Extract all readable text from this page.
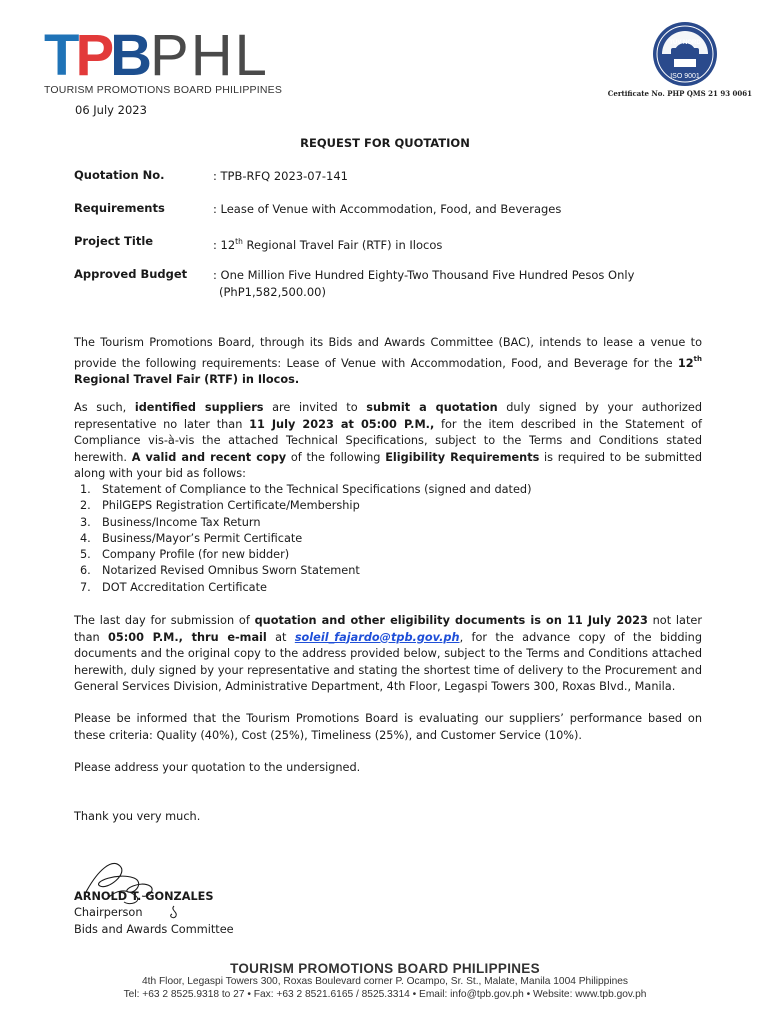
TPB PHL
TOURISM PROMOTIONS BOARD PHILIPPINES
TÜV NORD
ISO 9001
Certificate No. PHP QMS 21 93 0061
06 July 2023
REQUEST FOR QUOTATION
Quotation No.	: TPB-RFQ 2023-07-141
Requirements	: Lease of Venue with Accommodation, Food, and Beverages
Project Title	: 12th Regional Travel Fair (RTF) in Ilocos
Approved Budget	: One Million Five Hundred Eighty-Two Thousand Five Hundred Pesos Only
(PhP1,582,500.00)
The Tourism Promotions Board, through its Bids and Awards Committee (BAC), intends to lease a venue to provide the following requirements: Lease of Venue with Accommodation, Food, and Beverage for the 12th Regional Travel Fair (RTF) in Ilocos.
As such, identified suppliers are invited to submit a quotation duly signed by your authorized representative no later than 11 July 2023 at 05:00 P.M., for the item described in the Statement of Compliance vis-à-vis the attached Technical Specifications, subject to the Terms and Conditions stated herewith. A valid and recent copy of the following Eligibility Requirements is required to be submitted along with your bid as follows:
1. Statement of Compliance to the Technical Specifications (signed and dated)
2. PhilGEPS Registration Certificate/Membership
3. Business/Income Tax Return
4. Business/Mayor’s Permit Certificate
5. Company Profile (for new bidder)
6. Notarized Revised Omnibus Sworn Statement
7. DOT Accreditation Certificate
The last day for submission of quotation and other eligibility documents is on 11 July 2023 not later than 05:00 P.M., thru e-mail at soleil_fajardo@tpb.gov.ph, for the advance copy of the bidding documents and the original copy to the address provided below, subject to the Terms and Conditions attached herewith, duly signed by your representative and stating the shortest time of delivery to the Procurement and General Services Division, Administrative Department, 4th Floor, Legaspi Towers 300, Roxas Blvd., Manila.
Please be informed that the Tourism Promotions Board is evaluating our suppliers’ performance based on these criteria: Quality (40%), Cost (25%), Timeliness (25%), and Customer Service (10%).
Please address your quotation to the undersigned.
Thank you very much.
ARNOLD T. GONZALES
Chairperson
Bids and Awards Committee
TOURISM PROMOTIONS BOARD PHILIPPINES
4th Floor, Legaspi Towers 300, Roxas Boulevard corner P. Ocampo, Sr. St., Malate, Manila 1004 Philippines
Tel: +63 2 8525.9318 to 27 • Fax: +63 2 8521.6165 / 8525.3314 • Email: info@tpb.gov.ph • Website: www.tpb.gov.ph
